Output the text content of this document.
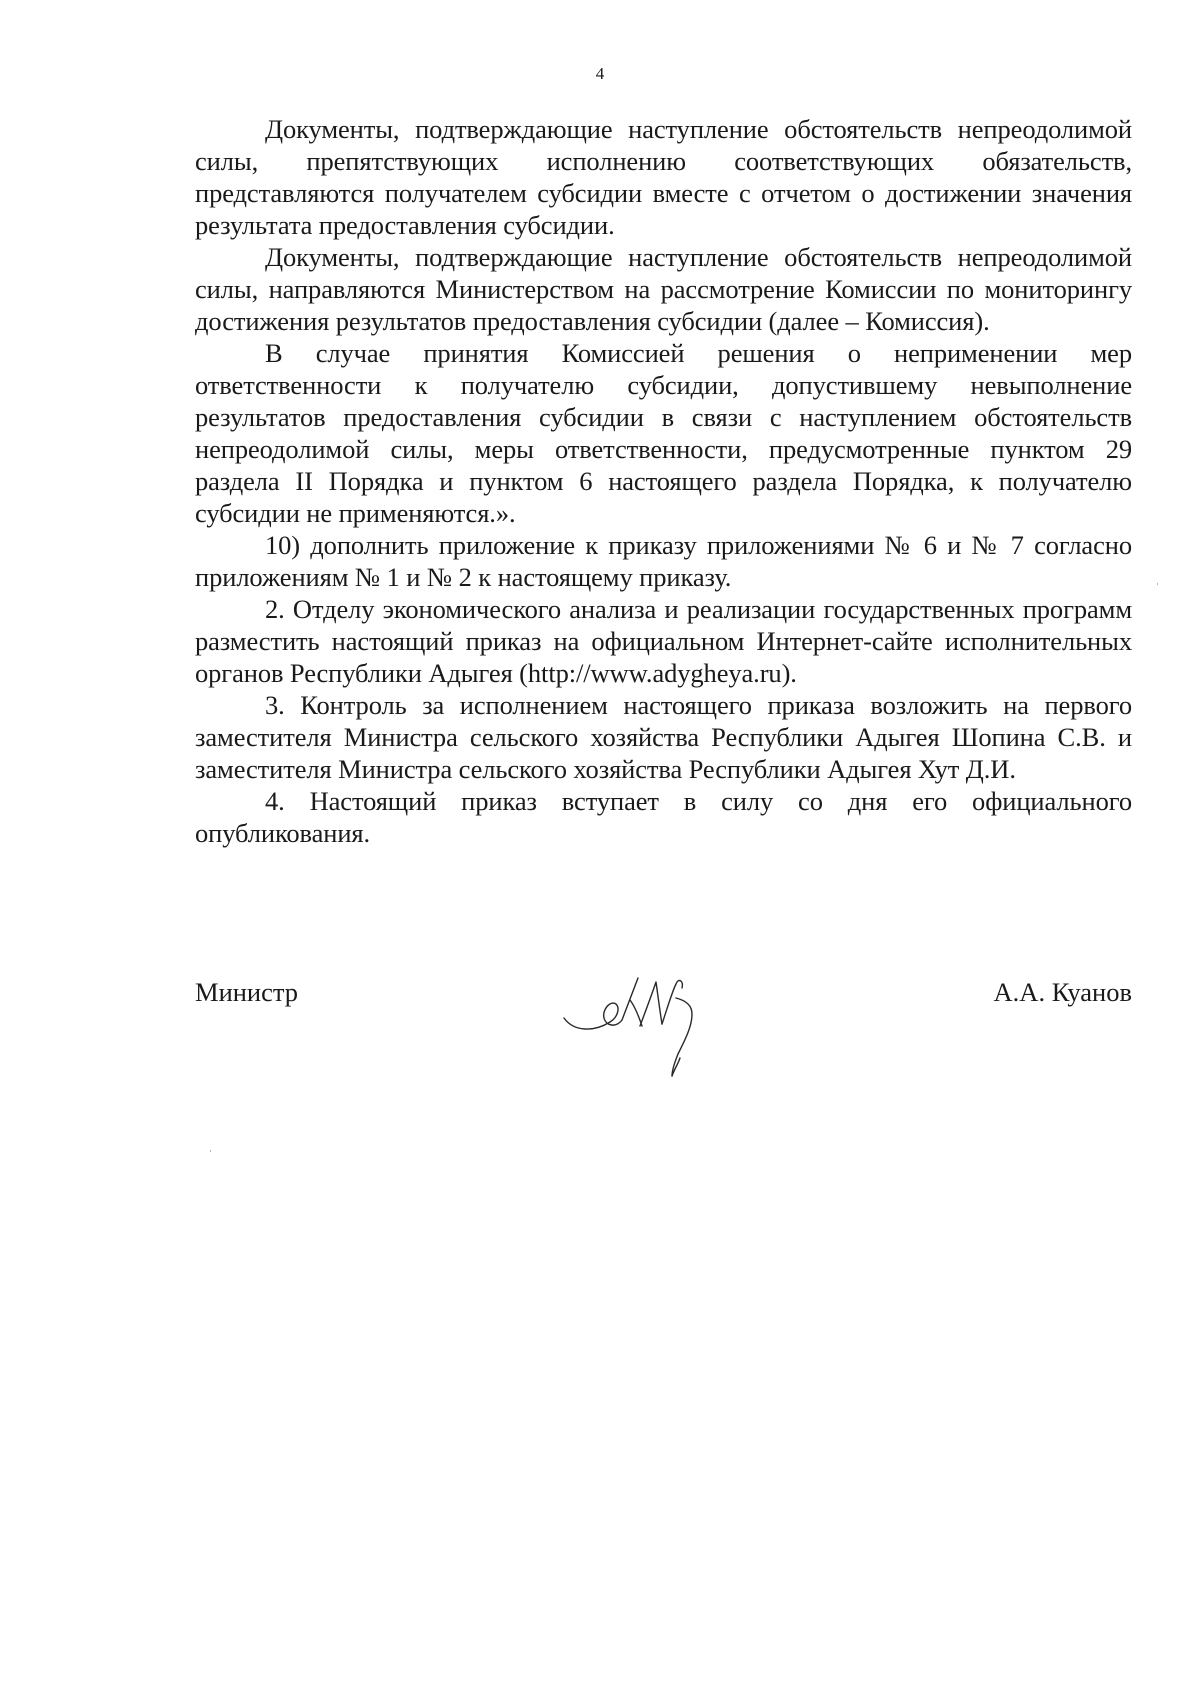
4

Документы, подтверждающие наступление обстоятельств непреодолимой силы, препятствующих исполнению соответствующих обязательств, представляются получателем субсидии вместе с отчетом о достижении значения результата предоставления субсидии.

Документы, подтверждающие наступление обстоятельств непреодолимой силы, направляются Министерством на рассмотрение Комиссии по мониторингу достижения результатов предоставления субсидии (далее – Комиссия).

В случае принятия Комиссией решения о неприменении мер ответственности к получателю субсидии, допустившему невыполнение результатов предоставления субсидии в связи с наступлением обстоятельств непреодолимой силы, меры ответственности, предусмотренные пунктом 29 раздела II Порядка и пунктом 6 настоящего раздела Порядка, к получателю субсидии не применяются.».

10) дополнить приложение к приказу приложениями № 6 и № 7 согласно приложениям № 1 и № 2 к настоящему приказу.

2. Отделу экономического анализа и реализации государственных программ разместить настоящий приказ на официальном Интернет-сайте исполнительных органов Республики Адыгея (http://www.adygheya.ru).

3. Контроль за исполнением настоящего приказа возложить на первого заместителя Министра сельского хозяйства Республики Адыгея Шопина С.В. и заместителя Министра сельского хозяйства Республики Адыгея Хут Д.И.

4. Настоящий приказ вступает в силу со дня его официального опубликования.

Министр	А.А. Куанов
